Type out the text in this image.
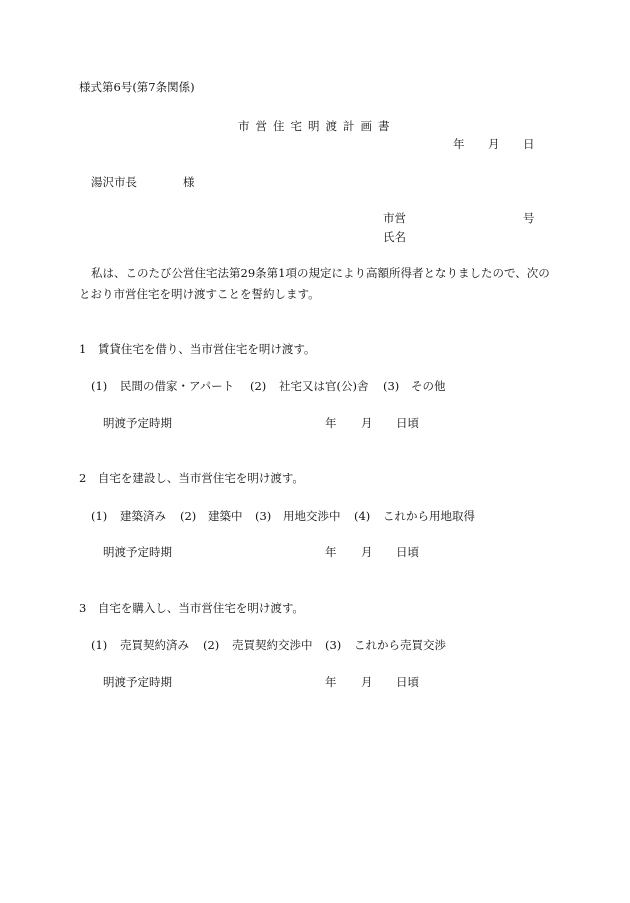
様式第6号(第7条関係)
市営住宅明渡計画書
年 月 日
湯沢市長	様
市営	号
氏名
私は、このたび公営住宅法第29条第1項の規定により高額所得者となりましたので、次の
とおり市営住宅を明け渡すことを誓約します。
1　賃貸住宅を借り、当市営住宅を明け渡す。
(1) 民間の借家・アパート (2) 社宅又は官(公)舎 (3) その他
明渡予定時期	年 月 日頃
2　自宅を建設し、当市営住宅を明け渡す。
(1) 建築済み (2) 建築中 (3) 用地交渉中 (4) これから用地取得
明渡予定時期	年 月 日頃
3　自宅を購入し、当市営住宅を明け渡す。
(1) 売買契約済み (2) 売買契約交渉中 (3) これから売買交渉
明渡予定時期	年 月 日頃
